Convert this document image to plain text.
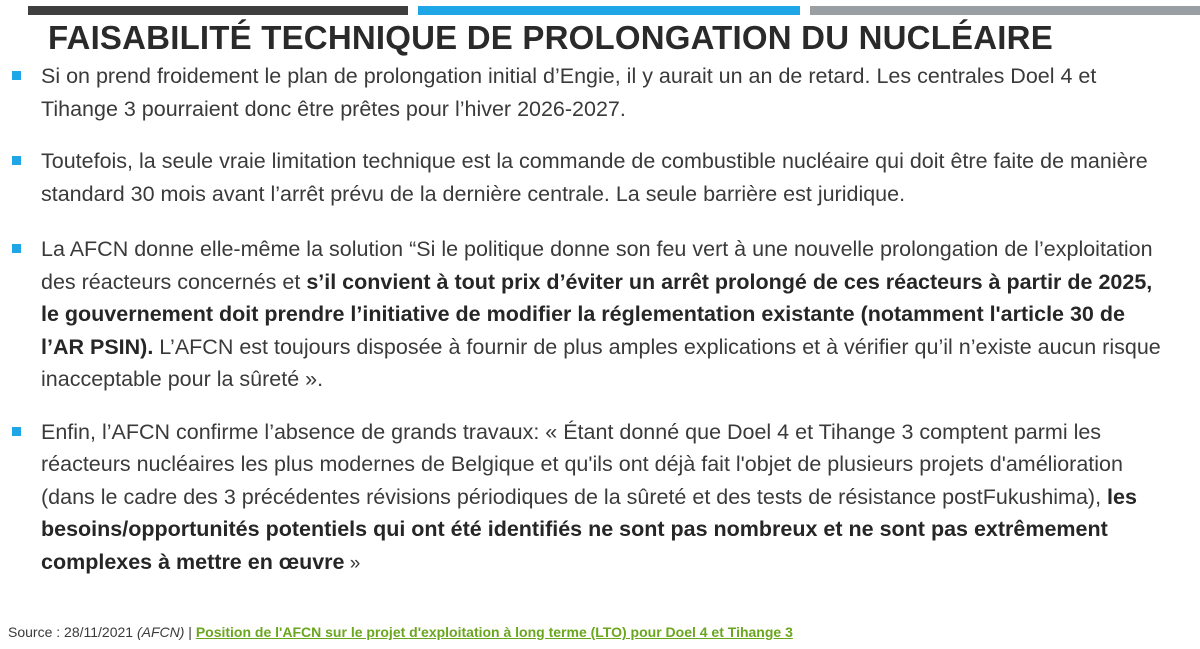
FAISABILITÉ TECHNIQUE DE PROLONGATION DU NUCLÉAIRE
Si on prend froidement le plan de prolongation initial d’Engie, il y aurait un an de retard. Les centrales Doel 4 et Tihange 3 pourraient donc être prêtes pour l’hiver 2026-2027.
Toutefois, la seule vraie limitation technique est la commande de combustible nucléaire qui doit être faite de manière standard 30 mois avant l’arrêt prévu de la dernière centrale. La seule barrière est juridique.
La AFCN donne elle-même la solution “Si le politique donne son feu vert à une nouvelle prolongation de l’exploitation des réacteurs concernés et s’il convient à tout prix d’éviter un arrêt prolongé de ces réacteurs à partir de 2025, le gouvernement doit prendre l’initiative de modifier la réglementation existante (notamment l'article 30 de l’AR PSIN). L’AFCN est toujours disposée à fournir de plus amples explications et à vérifier qu’il n’existe aucun risque inacceptable pour la sûreté ».
Enfin, l’AFCN confirme l’absence de grands travaux: « Étant donné que Doel 4 et Tihange 3 comptent parmi les réacteurs nucléaires les plus modernes de Belgique et qu'ils ont déjà fait l'objet de plusieurs projets d'amélioration (dans le cadre des 3 précédentes révisions périodiques de la sûreté et des tests de résistance postFukushima), les besoins/opportunités potentiels qui ont été identifiés ne sont pas nombreux et ne sont pas extrêmement complexes à mettre en œuvre »
Source : 28/11/2021 (AFCN) | Position de l'AFCN sur le projet d'exploitation à long terme (LTO) pour Doel 4 et Tihange 3
